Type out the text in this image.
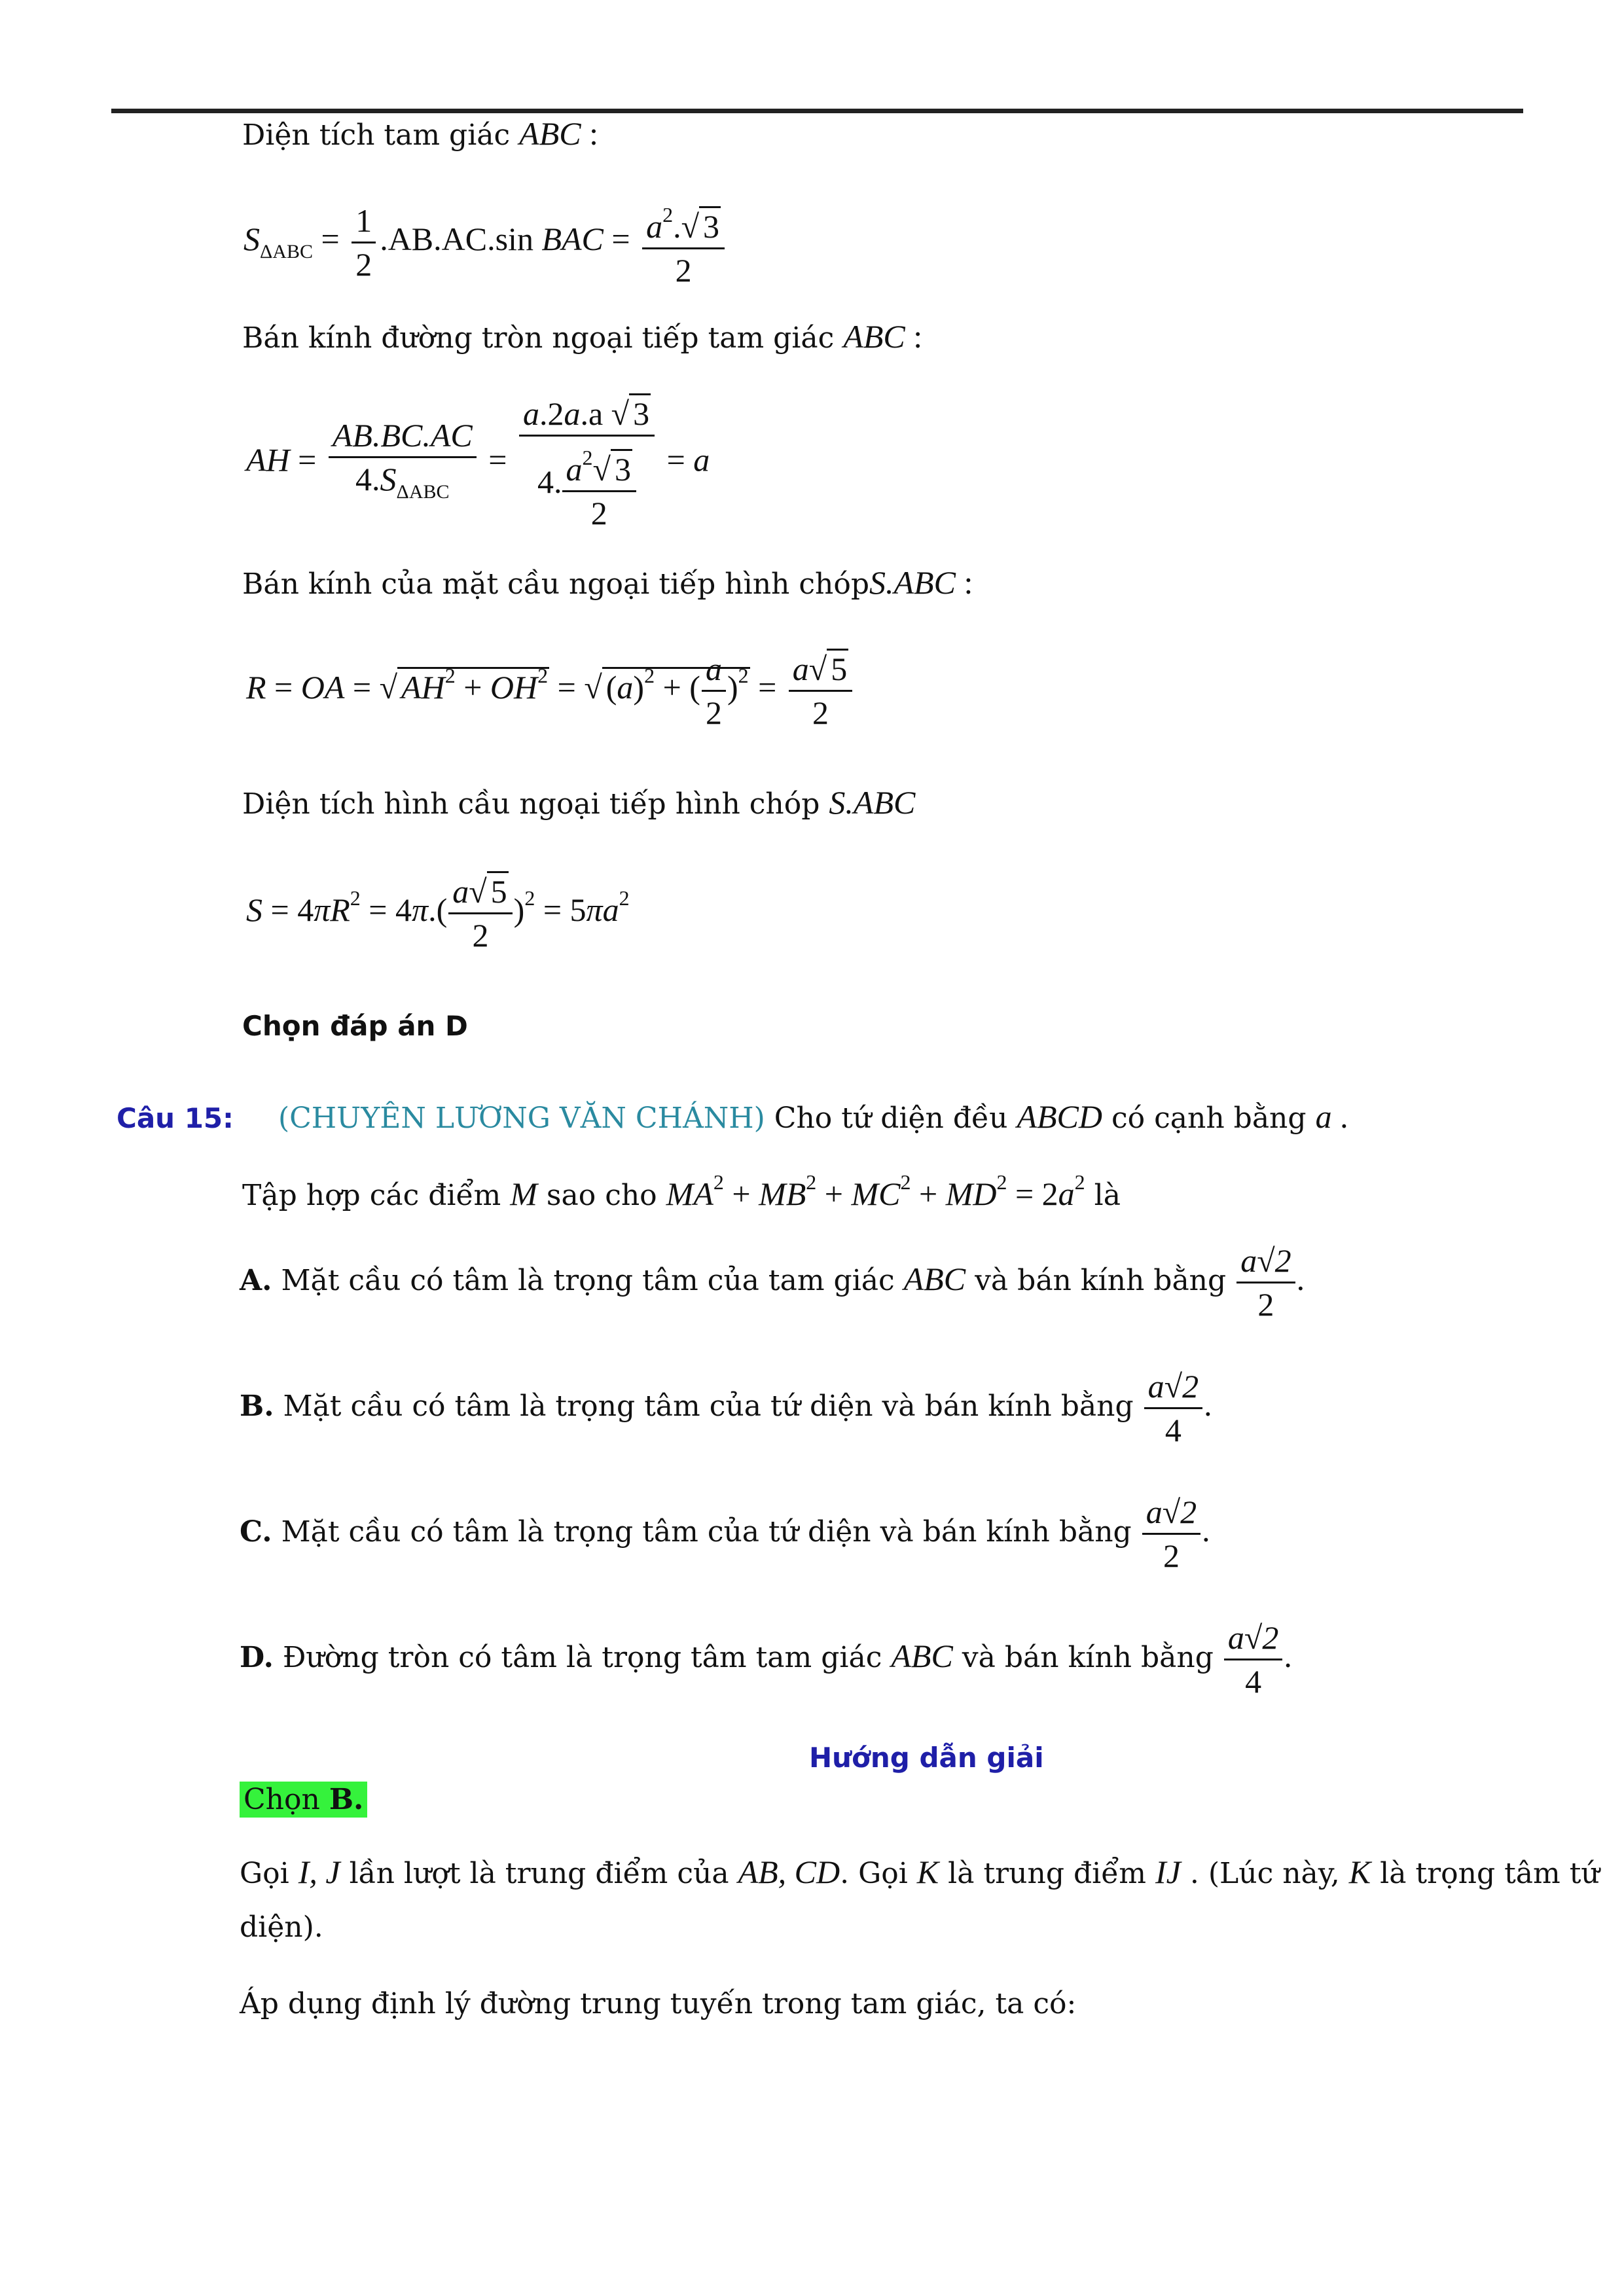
Diện tích tam giác ABC :
$S_{\Delta ABC} = \frac{1}{2} .AB.AC.\sin$ BAC = $\frac{a^2.√ 3}{2}$
Bán kính đường tròn ngoại tiếp tam giác ABC :
AH = $\frac{AB.BC.AC}{4.S_{\Delta ABC}} = \frac{a.2a.a √ 3}{4. \frac{a^2√ 3}{2}} = a$
Bán kính của mặt cầu ngoại tiếp hình chópS.ABC :
R = OA = √ $AH^2 + OH^2$ = √ $(a)^2$ + ( $\frac{a}{2} )^2 = \frac{a√ 5}{2}$
Diện tích hình cầu ngoại tiếp hình chóp S.ABC
$S = 4\pi R^2 = 4\pi.( \frac{a√ 5}{2} )^2 = 5\pi a^2$
Chọn đáp án D
Câu 15: (CHUYÊN LƯƠNG VĂN CHÁNH) Cho tứ diện đều ABCD có cạnh bằng a .
Tập hợp các điểm M sao cho $MA^2 + MB^2 + MC^2 + MD^2 = 2a^2$ là
A. Mặt cầu có tâm là trọng tâm của tam giác ABC và bán kính bằng $\frac{a√2}{2}$ .
B. Mặt cầu có tâm là trọng tâm của tứ diện và bán kính bằng $\frac{a√2}{4}$ .
C. Mặt cầu có tâm là trọng tâm của tứ diện và bán kính bằng $\frac{a√2}{2}$ .
D. Đường tròn có tâm là trọng tâm tam giác ABC và bán kính bằng $\frac{a√2}{4}$ .
Hướng dẫn giải
Chọn B.
Gọi I, J lần lượt là trung điểm của AB, CD. Gọi K là trung điểm IJ . (Lúc này, K là trọng tâm tứ diện).
Áp dụng định lý đường trung tuyến trong tam giác, ta có:
